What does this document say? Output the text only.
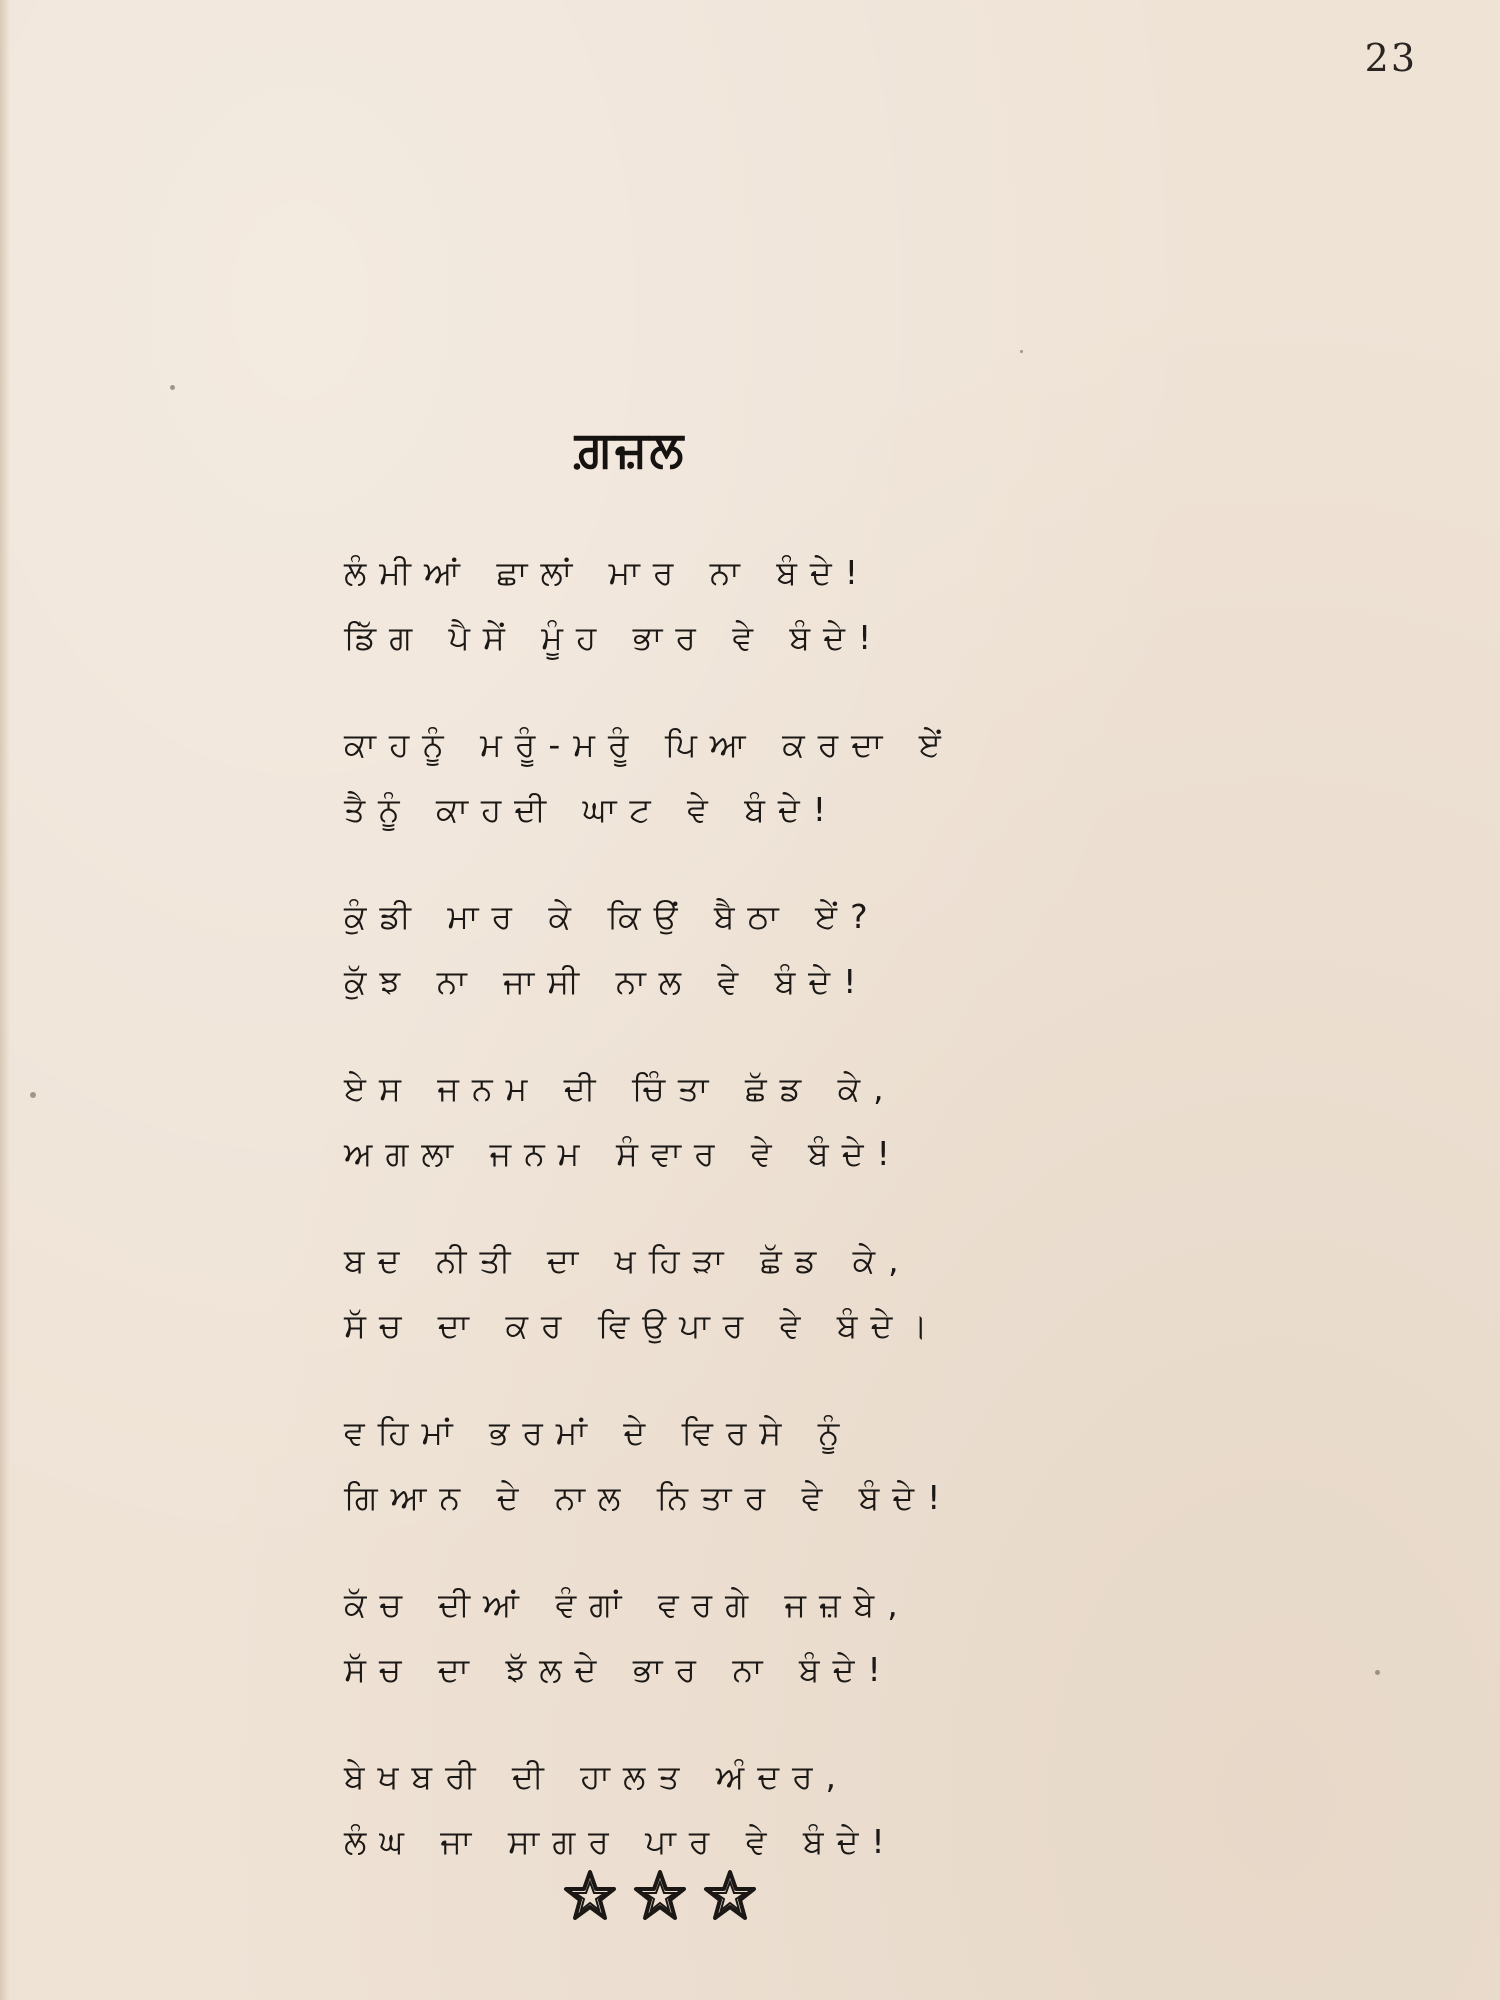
23
ਗ਼ਜ਼ਲ
ਲੰਮੀਆਂ ਛਾਲਾਂ ਮਾਰ ਨਾ ਬੰਦੇ!
ਡਿੱਗ ਪੈਸੇਂ ਮੂੰਹ ਭਾਰ ਵੇ ਬੰਦੇ!
ਕਾਹਨੂੰ ਮਰੂੰ-ਮਰੂੰ ਪਿਆ ਕਰਦਾ ਏਂ
ਤੈਨੂੰ ਕਾਹਦੀ ਘਾਟ ਵੇ ਬੰਦੇ!
ਕੁੰਡੀ ਮਾਰ ਕੇ ਕਿਉਂ ਬੈਠਾ ਏਂ?
ਕੁੱਝ ਨਾ ਜਾਸੀ ਨਾਲ ਵੇ ਬੰਦੇ!
ਏਸ ਜਨਮ ਦੀ ਚਿੰਤਾ ਛੱਡ ਕੇ,
ਅਗਲਾ ਜਨਮ ਸੰਵਾਰ ਵੇ ਬੰਦੇ!
ਬਦ ਨੀਤੀ ਦਾ ਖਹਿੜਾ ਛੱਡ ਕੇ,
ਸੱਚ ਦਾ ਕਰ ਵਿਉਪਾਰ ਵੇ ਬੰਦੇ।
ਵਹਿਮਾਂ ਭਰਮਾਂ ਦੇ ਵਿਰਸੇ ਨੂੰ
ਗਿਆਨ ਦੇ ਨਾਲ ਨਿਤਾਰ ਵੇ ਬੰਦੇ!
ਕੱਚ ਦੀਆਂ ਵੰਗਾਂ ਵਰਗੇ ਜਜ਼ਬੇ,
ਸੱਚ ਦਾ ਝੱਲਦੇ ਭਾਰ ਨਾ ਬੰਦੇ!
ਬੇਖਬਰੀ ਦੀ ਹਾਲਤ ਅੰਦਰ,
ਲੰਘ ਜਾ ਸਾਗਰ ਪਾਰ ਵੇ ਬੰਦੇ!
